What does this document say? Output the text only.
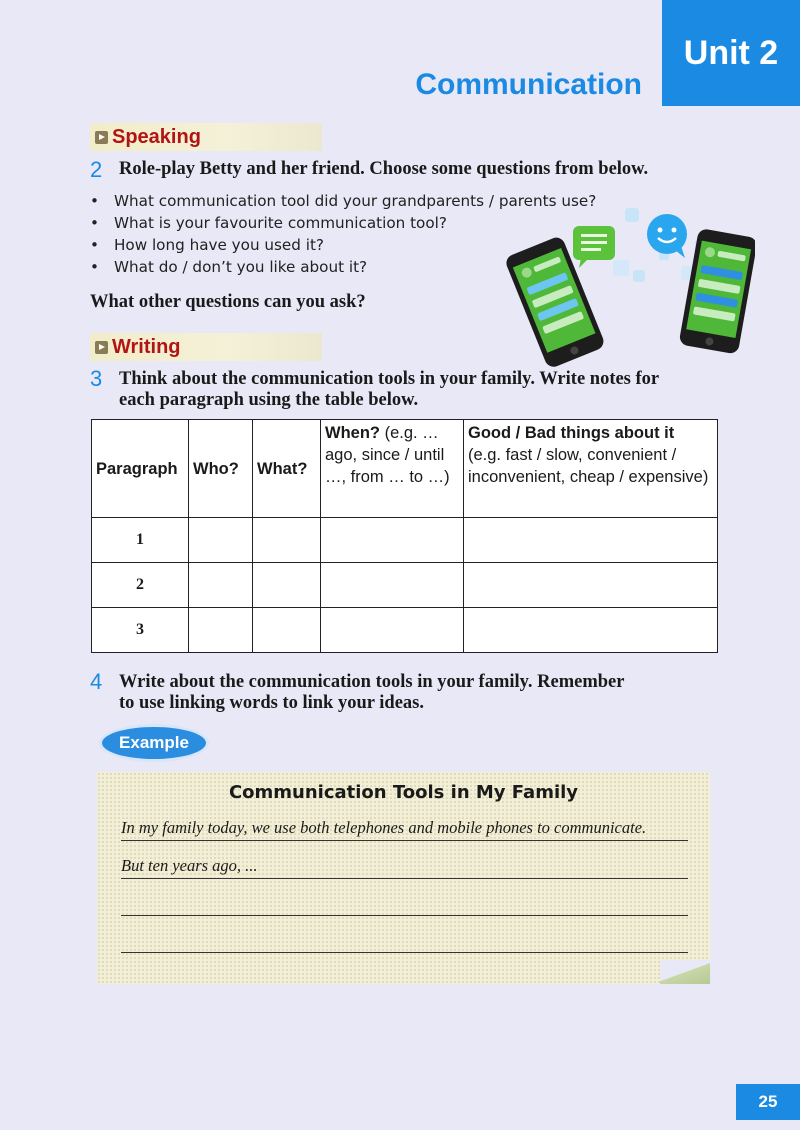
Unit 2
Communication
Speaking
2 Role-play Betty and her friend. Choose some questions from below.
• What communication tool did your grandparents / parents use?
• What is your favourite communication tool?
• How long have you used it?
• What do / don’t you like about it?
What other questions can you ask?
Writing
3 Think about the communication tools in your family. Write notes for
each paragraph using the table below.
Paragraph	Who?	What?	When? (e.g. … ago, since / until …, from … to …)	Good / Bad things about it
(e.g. fast / slow, convenient / inconvenient, cheap / expensive)

1				
2				
3				
4 Write about the communication tools in your family. Remember
to use linking words to link your ideas.
Example
Communication Tools in My Family
In my family today, we use both telephones and mobile phones to communicate.
But ten years ago, ...
25
